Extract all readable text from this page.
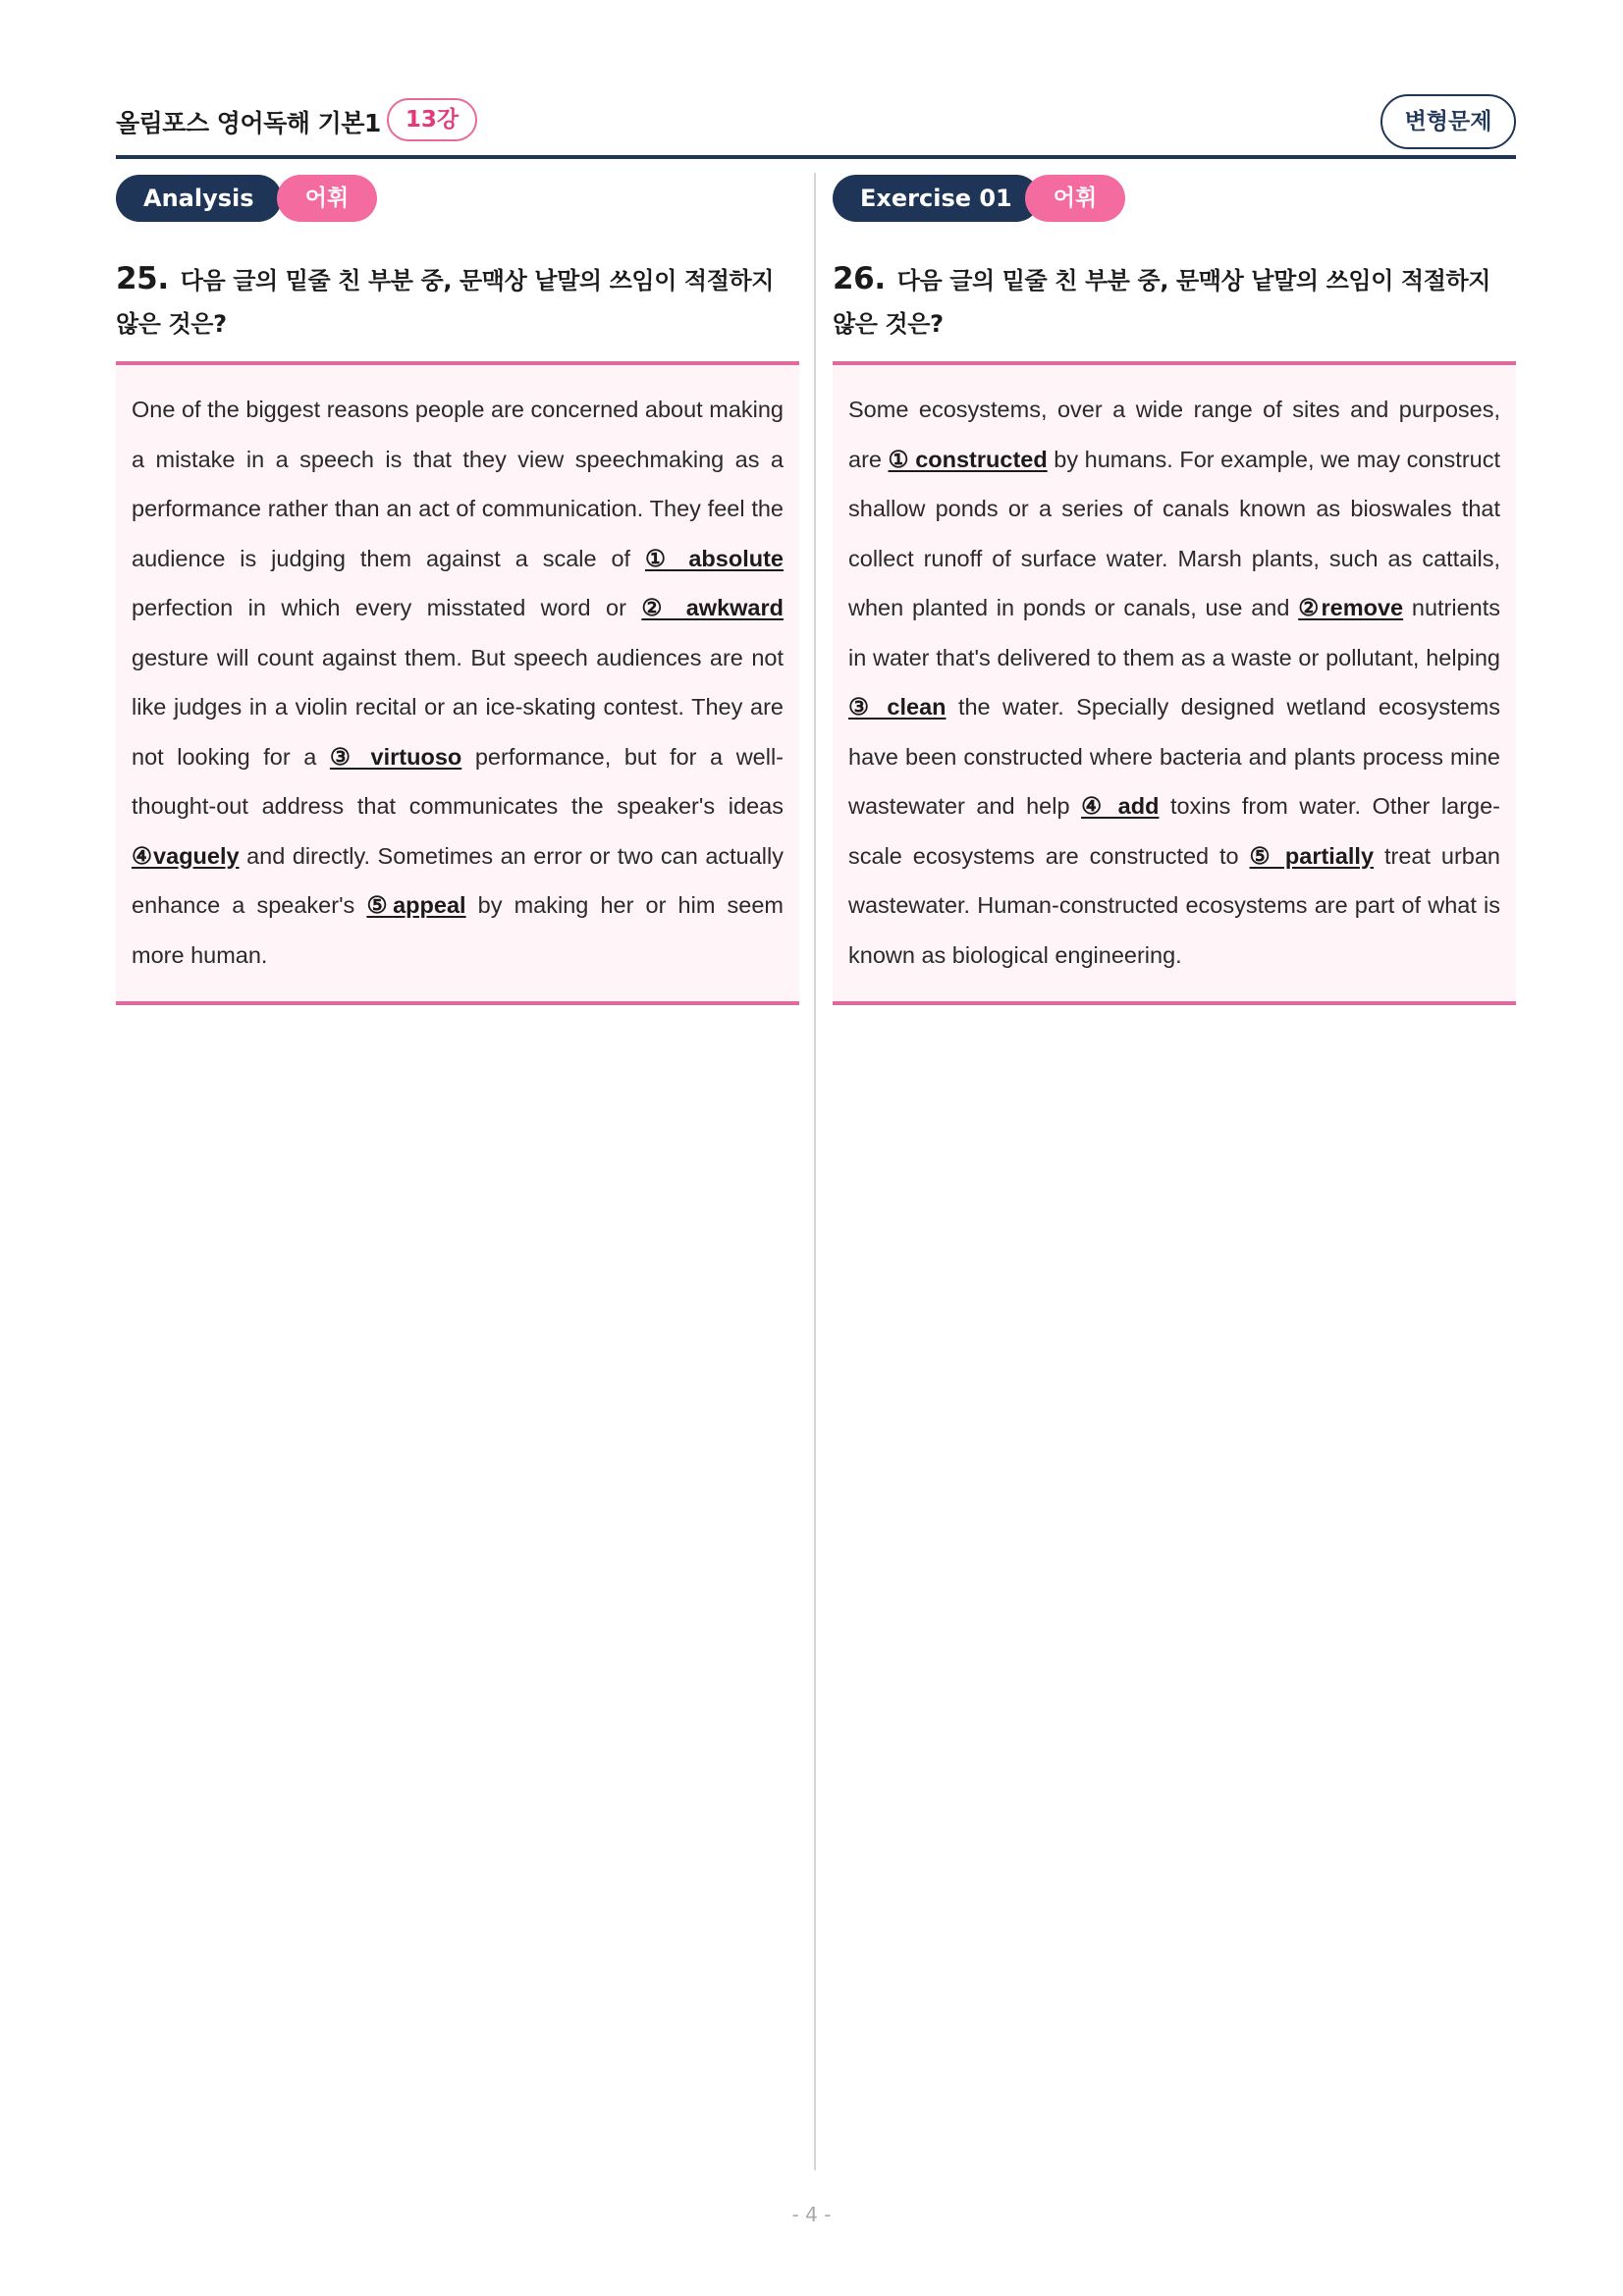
올림포스 영어독해 기본1	13강	변형문제
Analysis	어휘
25. 다음 글의 밑줄 친 부분 중, 문맥상 낱말의 쓰임이 적절하지 않은 것은?

One of the biggest reasons people are concerned about making a mistake in a speech is that they view speechmaking as a performance rather than an act of communication. They feel the audience is judging them against a scale of ① absolute perfection in which every misstated word or ② awkward gesture will count against them. But speech audiences are not like judges in a violin recital or an ice-skating contest. They are not looking for a ③ virtuoso performance, but for a well-thought-out address that communicates the speaker's ideas ④vaguely and directly. Sometimes an error or two can actually enhance a speaker's ⑤appeal by making her or him seem more human.

Exercise 01	어휘
26. 다음 글의 밑줄 친 부분 중, 문맥상 낱말의 쓰임이 적절하지 않은 것은?

Some ecosystems, over a wide range of sites and purposes, are ① constructed by humans. For example, we may construct shallow ponds or a series of canals known as bioswales that collect runoff of surface water. Marsh plants, such as cattails, when planted in ponds or canals, use and ②remove nutrients in water that's delivered to them as a waste or pollutant, helping ③ clean the water. Specially designed wetland ecosystems have been constructed where bacteria and plants process mine wastewater and help ④ add toxins from water. Other large-scale ecosystems are constructed to ⑤ partially treat urban wastewater. Human-constructed ecosystems are part of what is known as biological engineering.

- 4 -
